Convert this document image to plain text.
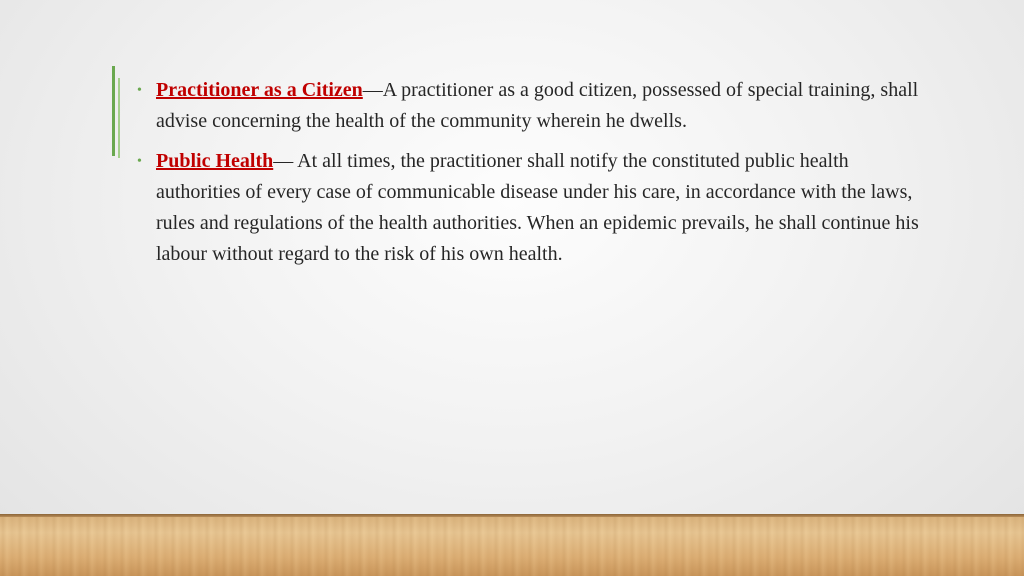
• Practitioner as a Citizen—A practitioner as a good citizen, possessed of special training, shall advise concerning the health of the community wherein he dwells.
• Public Health— At all times, the practitioner shall notify the constituted public health authorities of every case of communicable disease under his care, in accordance with the laws, rules and regulations of the health authorities. When an epidemic prevails, he shall continue his labour without regard to the risk of his own health.
